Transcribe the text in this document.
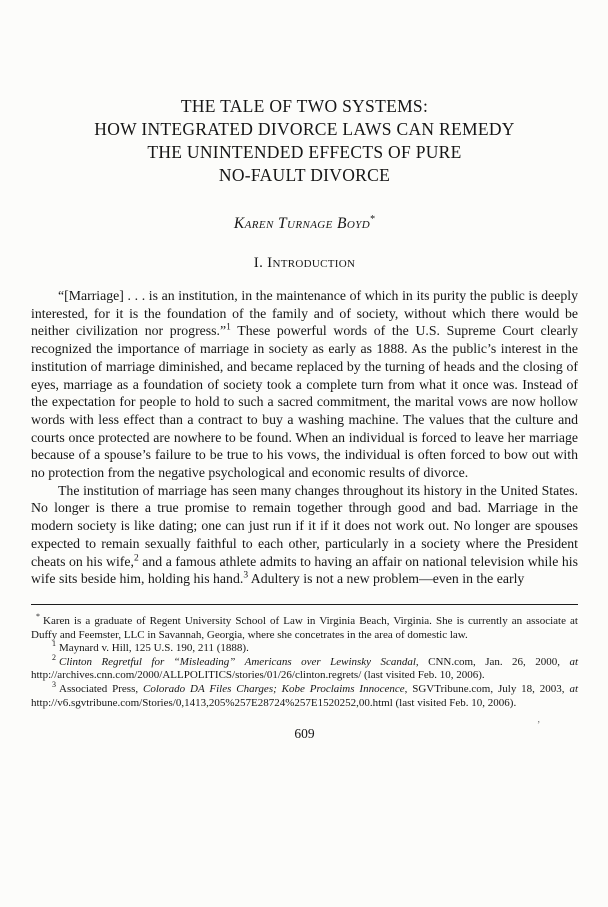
THE TALE OF TWO SYSTEMS:
HOW INTEGRATED DIVORCE LAWS CAN REMEDY
THE UNINTENDED EFFECTS OF PURE
NO-FAULT DIVORCE
Karen Turnage Boyd*
I. Introduction

“[Marriage] . . . is an institution, in the maintenance of which in its purity the public is deeply interested, for it is the foundation of the family and of society, without which there would be neither civilization nor progress.”$^1$ These powerful words of the U.S. Supreme Court clearly recognized the importance of marriage in society as early as 1888. As the public’s interest in the institution of marriage diminished, and became replaced by the turning of heads and the closing of eyes, marriage as a foundation of society took a complete turn from what it once was. Instead of the expectation for people to hold to such a sacred commitment, the marital vows are now hollow words with less effect than a contract to buy a washing machine. The values that the culture and courts once protected are nowhere to be found. When an individual is forced to leave her marriage because of a spouse’s failure to be true to his vows, the individual is often forced to bow out with no protection from the negative psychological and economic results of divorce.

The institution of marriage has seen many changes throughout its history in the United States. No longer is there a true promise to remain together through good and bad. Marriage in the modern society is like dating; one can just run if it if it does not work out. No longer are spouses expected to remain sexually faithful to each other, particularly in a society where the President cheats on his wife,$^2$ and a famous athlete admits to having an affair on national television while his wife sits beside him, holding his hand.$^3$ Adultery is not a new problem—even in the early

* Karen is a graduate of Regent University School of Law in Virginia Beach, Virginia. She is currently an associate at Duffy and Feemster, LLC in Savannah, Georgia, where she concetrates in the area of domestic law.

$^1$ Maynard v. Hill, 125 U.S. 190, 211 (1888).

$^2$ Clinton Regretful for “Misleading” Americans over Lewinsky Scandal, CNN.com, Jan. 26, 2000, at http://archives.cnn.com/2000/ALLPOLITICS/stories/01/26/clinton.regrets/ (last visited Feb. 10, 2006).

$^3$ Associated Press, Colorado DA Files Charges; Kobe Proclaims Innocence, SGVTribune.com, July 18, 2003, at http://v6.sgvtribune.com/Stories/0,1413,205%257E28724%257E1520252,00.html (last visited Feb. 10, 2006).

609
’
